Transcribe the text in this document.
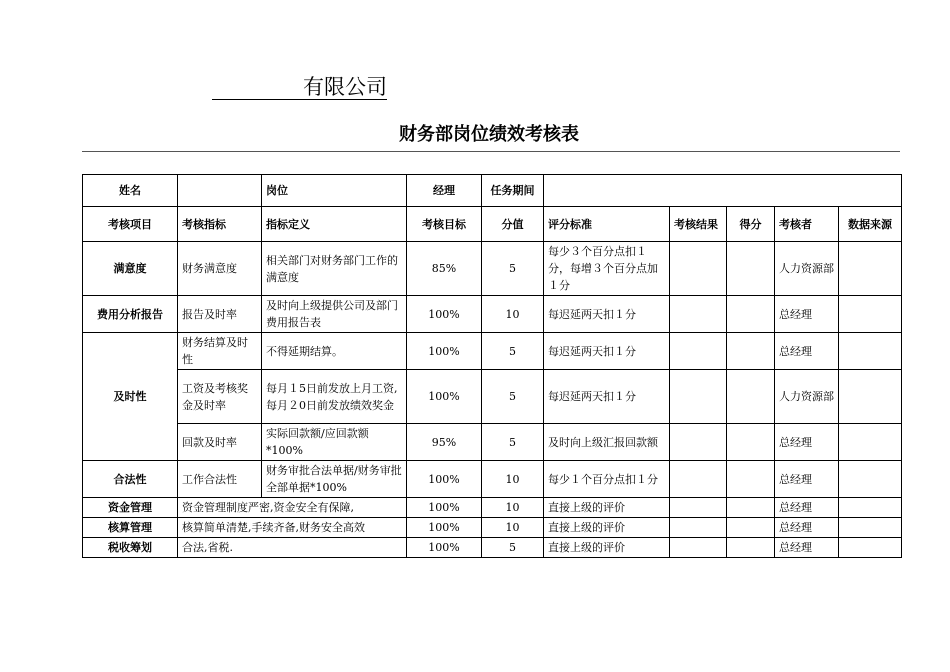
有限公司
财务部岗位绩效考核表
姓名		岗位	经理	任务期间					
考核项目	考核指标	指标定义	考核目标	分值	评分标准	考核结果	得分	考核者	数据来源
满意度	财务满意度	相关部门对财务部门工作的满意度	85%	5	每少３个百分点扣１分，每增３个百分点加１分			人力资源部	
费用分析报告	报告及时率	及时向上级提供公司及部门费用报告表	100%	10	每迟延两天扣１分			总经理	
及时性	财务结算及时性	不得延期结算。	100%	5	每迟延两天扣１分			总经理	
	工资及考核奖金及时率	每月１5日前发放上月工资,每月２0日前发放绩效奖金	100%	5	每迟延两天扣１分			人力资源部	
	回款及时率	实际回款额/应回款额*100%	95%	5	及时向上级汇报回款额			总经理	
合法性	工作合法性	财务审批合法单据/财务审批全部单据*100%	100%	10	每少１个百分点扣１分			总经理	
资金管理	资金管理制度严密,资金安全有保障,		100%	10	直接上级的评价			总经理	
核算管理	核算简单清楚,手续齐备,财务安全高效		100%	10	直接上级的评价			总经理	
税收筹划	合法,省税.		100%	5	直接上级的评价			总经理	
